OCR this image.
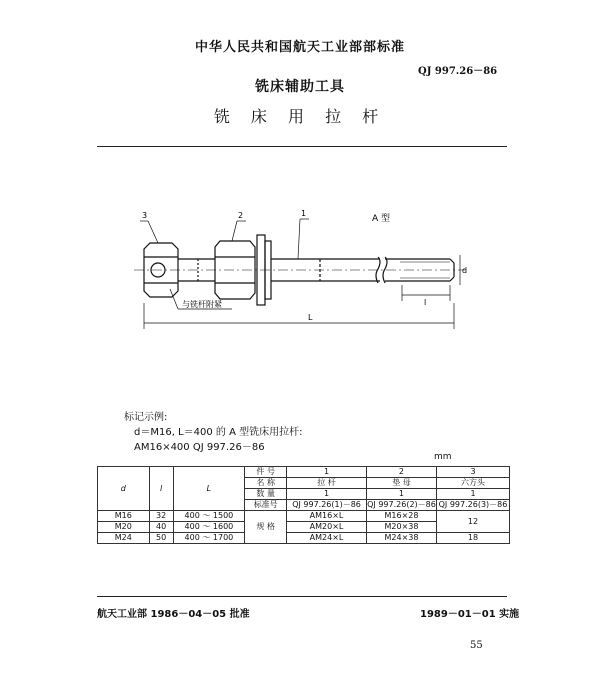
中华人民共和国航天工业部部标准
QJ 997.26－86
铣床辅助工具
铣 床 用 拉 杆
3	2	1
A 型
与铣杆附紧
d
l
L
标记示例:
d＝M16, L＝400 的 A 型铣床用拉杆:
AM16×400 QJ 997.26－86
mm
d	l	L	件 号	1	2	3
			名 称	拉 杆	垫 母	六方头
			数 量	1	1	1
			标准号	QJ 997.26(1)－86	QJ 997.26(2)－86	QJ 997.26(3)－86
M16	32	400 ～ 1500	规 格	AM16×L	M16×28	12
M20	40	400 ～ 1600		AM20×L	M20×38	
M24	50	400 ～ 1700		AM24×L	M24×38	18
航天工业部 1986－04－05 批准	1989－01－01 实施
55
